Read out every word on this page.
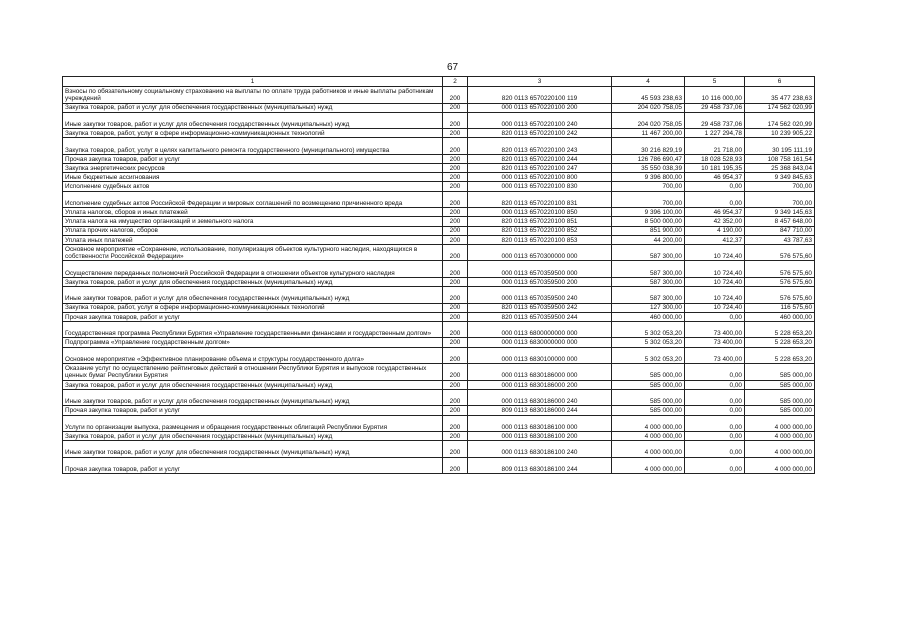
67
1	2	3	4	5	6
Взносы по обязательному социальному страхованию на выплаты по оплате труда работников и иные выплаты работникам учреждений	200	820 0113 6570220100 119	45 593 238,63	10 116 000,00	35 477 238,63
Закупка товаров, работ и услуг для обеспечения государственных (муниципальных) нужд	200	000 0113 6570220100 200	204 020 758,05	29 458 737,06	174 562 020,99
Иные закупки товаров, работ и услуг для обеспечения государственных (муниципальных) нужд	200	000 0113 6570220100 240	204 020 758,05	29 458 737,06	174 562 020,99
Закупка товаров, работ, услуг в сфере информационно-коммуникационных технологий	200	820 0113 6570220100 242	11 467 200,00	1 227 294,78	10 239 905,22
Закупка товаров, работ, услуг в целях капитального ремонта государственного (муниципального) имущества	200	820 0113 6570220100 243	30 216 829,19	21 718,00	30 195 111,19
Прочая закупка товаров, работ и услуг	200	820 0113 6570220100 244	126 786 690,47	18 028 528,93	108 758 161,54
Закупка энергетических ресурсов	200	820 0113 6570220100 247	35 550 038,39	10 181 195,35	25 368 843,04
Иные бюджетные ассигнования	200	000 0113 6570220100 800	9 396 800,00	46 954,37	9 349 845,63
Исполнение судебных актов	200	000 0113 6570220100 830	700,00	0,00	700,00
Исполнение судебных актов Российской Федерации и мировых соглашений по возмещению причиненного вреда	200	820 0113 6570220100 831	700,00	0,00	700,00
Уплата налогов, сборов и иных платежей	200	000 0113 6570220100 850	9 396 100,00	46 954,37	9 349 145,63
Уплата налога на имущество организаций и земельного налога	200	820 0113 6570220100 851	8 500 000,00	42 352,00	8 457 648,00
Уплата прочих налогов, сборов	200	820 0113 6570220100 852	851 900,00	4 190,00	847 710,00
Уплата иных платежей	200	820 0113 6570220100 853	44 200,00	412,37	43 787,63
Основное мероприятие «Сохранение, использование, популяризация объектов культурного наследия, находящихся в собственности Российской Федерации»	200	000 0113 6570300000 000	587 300,00	10 724,40	576 575,60
Осуществление переданных полномочий Российской Федерации в отношении объектов культурного наследия	200	000 0113 6570359500 000	587 300,00	10 724,40	576 575,60
Закупка товаров, работ и услуг для обеспечения государственных (муниципальных) нужд	200	000 0113 6570359500 200	587 300,00	10 724,40	576 575,60
Иные закупки товаров, работ и услуг для обеспечения государственных (муниципальных) нужд	200	000 0113 6570359500 240	587 300,00	10 724,40	576 575,60
Закупка товаров, работ, услуг в сфере информационно-коммуникационных технологий	200	820 0113 6570359500 242	127 300,00	10 724,40	116 575,60
Прочая закупка товаров, работ и услуг	200	820 0113 6570359500 244	460 000,00	0,00	460 000,00
Государственная программа Республики Бурятия «Управление государственными финансами и государственным долгом»	200	000 0113 6800000000 000	5 302 053,20	73 400,00	5 228 653,20
Подпрограмма «Управление государственным долгом»	200	000 0113 6830000000 000	5 302 053,20	73 400,00	5 228 653,20
Основное мероприятие «Эффективное планирование объема и структуры государственного долга»	200	000 0113 6830100000 000	5 302 053,20	73 400,00	5 228 653,20
Оказание услуг по осуществлению рейтинговых действий в отношении Республики Бурятия и выпусков государственных ценных бумаг Республики Бурятия	200	000 0113 6830186000 000	585 000,00	0,00	585 000,00
Закупка товаров, работ и услуг для обеспечения государственных (муниципальных) нужд	200	000 0113 6830186000 200	585 000,00	0,00	585 000,00
Иные закупки товаров, работ и услуг для обеспечения государственных (муниципальных) нужд	200	000 0113 6830186000 240	585 000,00	0,00	585 000,00
Прочая закупка товаров, работ и услуг	200	809 0113 6830186000 244	585 000,00	0,00	585 000,00
Услуги по организации выпуска, размещения и обращения государственных облигаций Республики Бурятия	200	000 0113 6830186100 000	4 000 000,00	0,00	4 000 000,00
Закупка товаров, работ и услуг для обеспечения государственных (муниципальных) нужд	200	000 0113 6830186100 200	4 000 000,00	0,00	4 000 000,00
Иные закупки товаров, работ и услуг для обеспечения государственных (муниципальных) нужд	200	000 0113 6830186100 240	4 000 000,00	0,00	4 000 000,00
Прочая закупка товаров, работ и услуг	200	809 0113 6830186100 244	4 000 000,00	0,00	4 000 000,00
